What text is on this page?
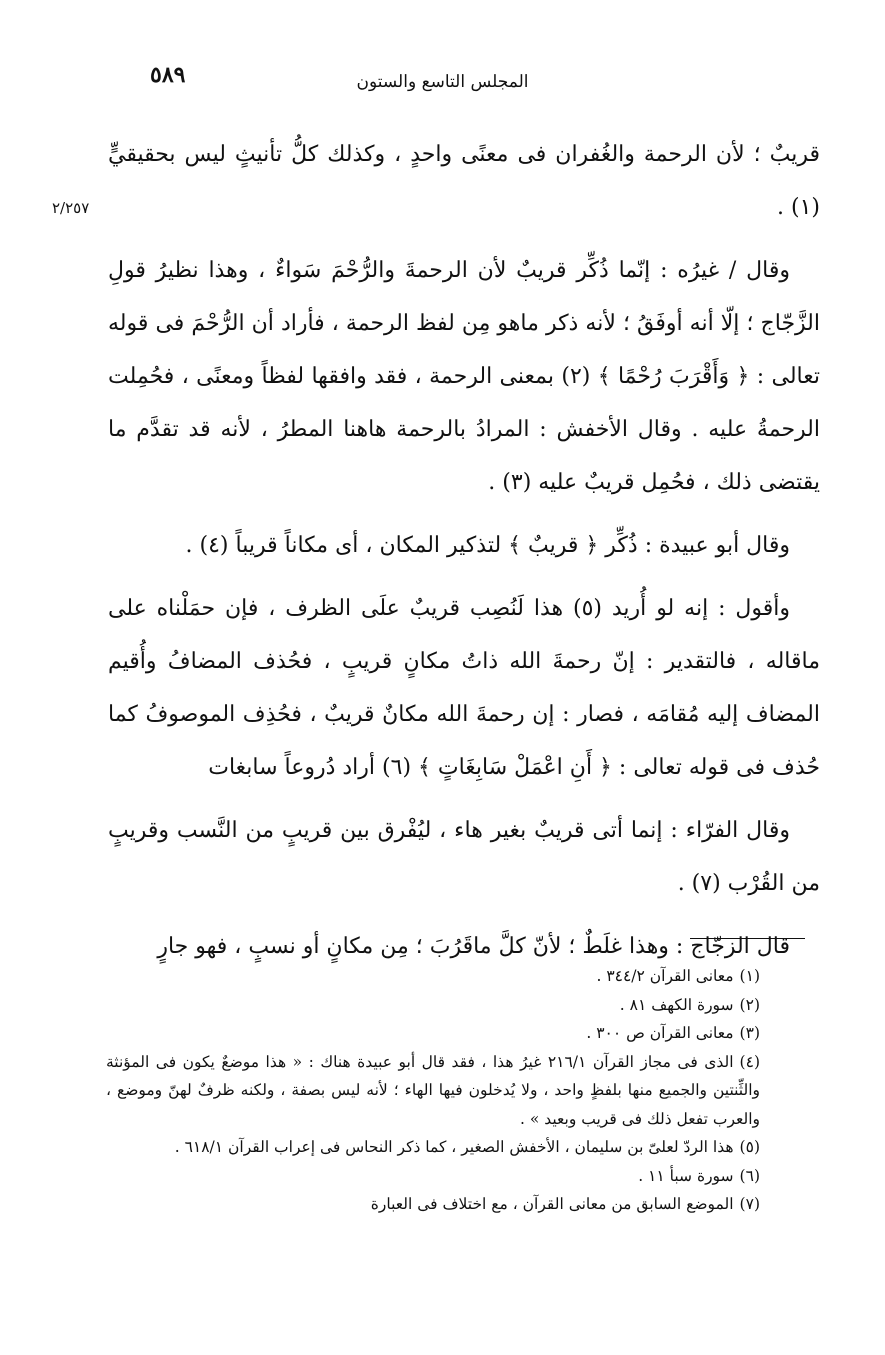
٥٨٩	المجلس التاسع والستون
٢/٢٥٧

قريبٌ ؛ لأن الرحمة والغُفران فى معنًى واحدٍ ، وكذلك كلُّ تأنيثٍ ليس بحقيقيٍّ (١) .

وقال / غيرُه : إنّما ذُكِّر قريبٌ لأن الرحمةَ والرُّحْمَ سَواءٌ ، وهذا نظيرُ قولِ الزَّجّاج ؛ إلّا أنه أوفَقُ ؛ لأنه ذكر ماهو مِن لفظ الرحمة ، فأراد أن الرُّحْمَ فى قوله تعالى : ﴿ وَأَقْرَبَ رُحْمًا ﴾ (٢) بمعنى الرحمة ، فقد وافقها لفظاً ومعنًى ، فحُمِلت الرحمةُ عليه . وقال الأخفش : المرادُ بالرحمة هاهنا المطرُ ، لأنه قد تقدَّم ما يقتضى ذلك ، فحُمِل قريبٌ عليه (٣) .

وقال أبو عبيدة : ذُكِّر ﴿ قريبٌ ﴾ لتذكير المكان ، أى مكاناً قريباً (٤) .

وأقول : إنه لو أُريد (٥) هذا لَنُصِب قريبٌ علَى الظرف ، فإن حمَلْناه على ماقاله ، فالتقدير : إنّ رحمةَ الله ذاتُ مكانٍ قريبٍ ، فحُذف المضافُ وأُقيم المضاف إليه مُقامَه ، فصار : إن رحمةَ الله مكانٌ قريبٌ ، فحُذِف الموصوفُ كما حُذف فى قوله تعالى : ﴿ أَنِ اعْمَلْ سَابِغَاتٍ ﴾ (٦) أراد دُروعاً سابغات

وقال الفرّاء : إنما أتى قريبٌ بغير هاء ، ليُفْرق بين قريبٍ من النَّسب وقريبٍ من القُرْب (٧) .

قال الزجّاج : وهذا غلَطٌ ؛ لأنّ كلَّ ماقَرُبَ ؛ مِن مكانٍ أو نسبٍ ، فهو جارٍ

(١)معانى القرآن ٣٤٤/٢ .

(٢)سورة الكهف ٨١ .

(٣)معانى القرآن ص ٣٠٠ .

(٤)الذى فى مجاز القرآن ٢١٦/١ غيرُ هذا ، فقد قال أبو عبيدة هناك : « هذا موضعٌ يكون فى المؤنثة والثِّنتين والجميع منها بلفظٍ واحد ، ولا يُدخلون فيها الهاء ؛ لأنه ليس بصفة ، ولكنه ظرفٌ لهنّ وموضع ، والعرب تفعل ذلك فى قريب وبعيد » .

(٥)هذا الردّ لعلىّ بن سليمان ، الأخفش الصغير ، كما ذكر النحاس فى إعراب القرآن ٦١٨/١ .

(٦)سورة سبأ ١١ .

(٧)الموضع السابق من معانى القرآن ، مع اختلاف فى العبارة
